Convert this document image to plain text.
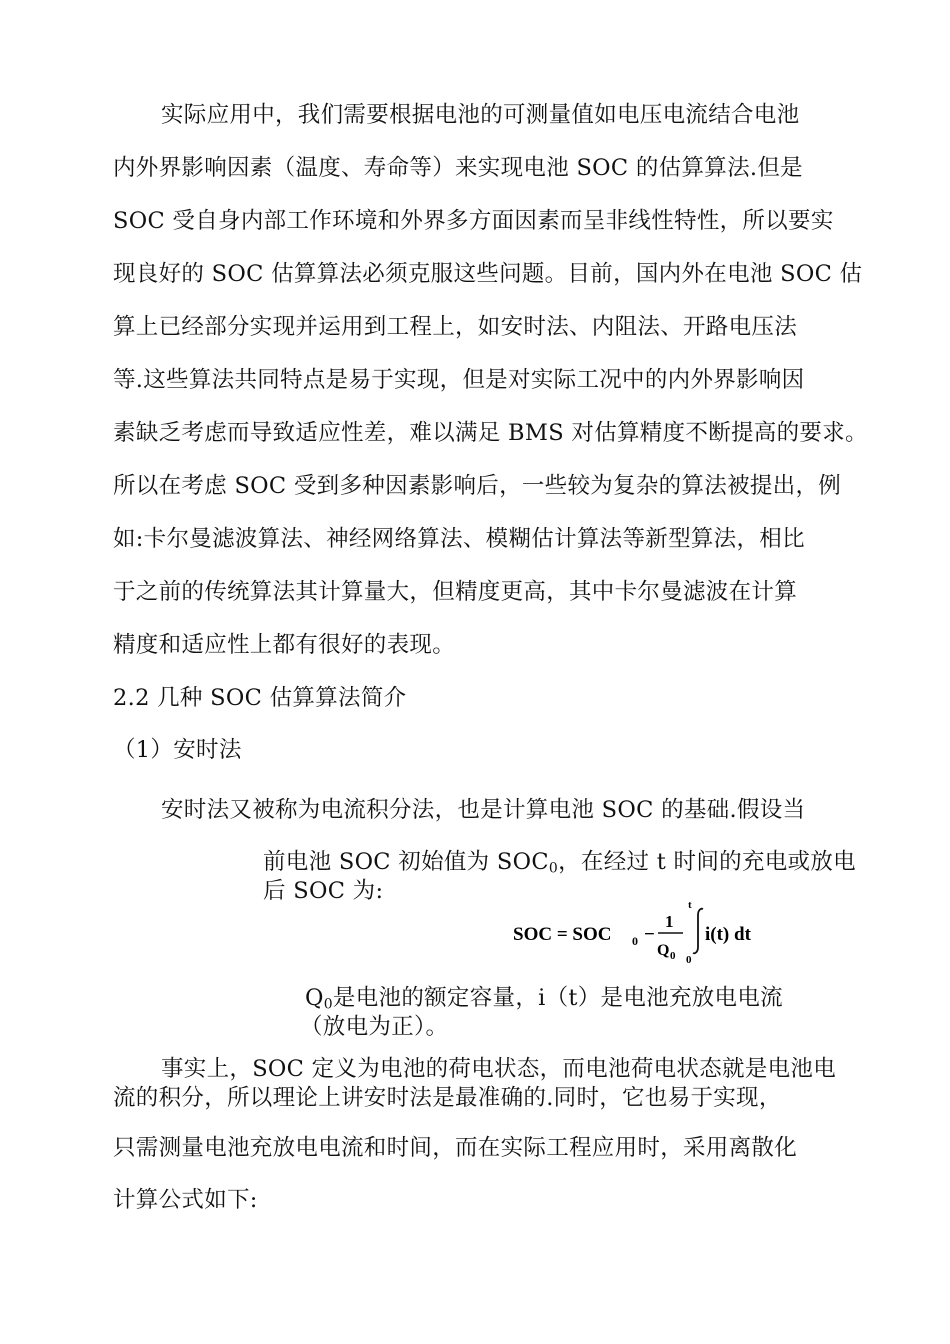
实际应用中，我们需要根据电池的可测量值如电压电流结合电池
内外界影响因素（温度、寿命等）来实现电池 SOC 的估算算法.但是
SOC 受自身内部工作环境和外界多方面因素而呈非线性特性，所以要实
现良好的 SOC 估算算法必须克服这些问题。目前，国内外在电池 SOC 估
算上已经部分实现并运用到工程上，如安时法、内阻法、开路电压法
等.这些算法共同特点是易于实现，但是对实际工况中的内外界影响因
素缺乏考虑而导致适应性差，难以满足 BMS 对估算精度不断提高的要求。
所以在考虑 SOC 受到多种因素影响后，一些较为复杂的算法被提出，例
如:卡尔曼滤波算法、神经网络算法、模糊估计算法等新型算法，相比
于之前的传统算法其计算量大，但精度更高，其中卡尔曼滤波在计算
精度和适应性上都有很好的表现。
2.2 几种 SOC 估算算法简介
（1）安时法
安时法又被称为电流积分法，也是计算电池 SOC 的基础.假设当
前电池 SOC 初始值为 $SOC_0$，在经过 t 时间的充电或放电
后 SOC 为:
SOC = SOC 0 −
1
Q 0
t
0
i(t) dt
$Q_0$是电池的额定容量，i（t）是电池充放电电流
（放电为正）。
事实上，SOC 定义为电池的荷电状态，而电池荷电状态就是电池电
流的积分，所以理论上讲安时法是最准确的.同时，它也易于实现，
只需测量电池充放电电流和时间，而在实际工程应用时，采用离散化
计算公式如下:
